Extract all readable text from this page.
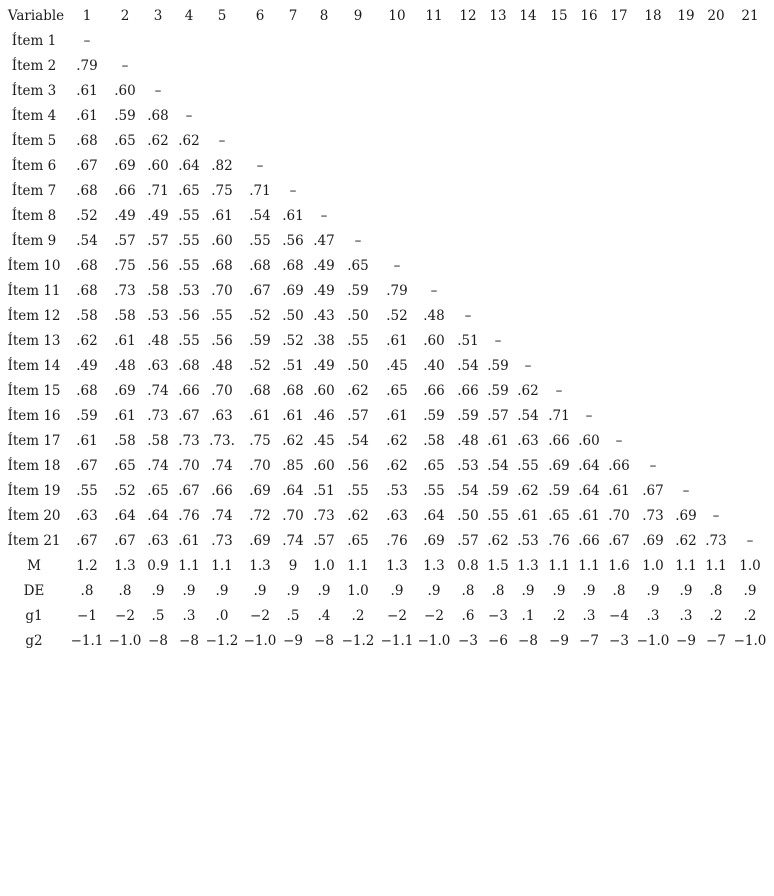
Variable 1 2 3 4 5 6 7 8 9 10 11 12 13 14 15 16 17 18 19 20 21
Ítem 1 –
Ítem 2 .79 –
Ítem 3 .61 .60 –
Ítem 4 .61 .59 .68 –
Ítem 5 .68 .65 .62 .62 –
Ítem 6 .67 .69 .60 .64 .82 –
Ítem 7 .68 .66 .71 .65 .75 .71 –
Ítem 8 .52 .49 .49 .55 .61 .54 .61 –
Ítem 9 .54 .57 .57 .55 .60 .55 .56 .47 –
Ítem 10 .68 .75 .56 .55 .68 .68 .68 .49 .65 –
Ítem 11 .68 .73 .58 .53 .70 .67 .69 .49 .59 .79 –
Ítem 12 .58 .58 .53 .56 .55 .52 .50 .43 .50 .52 .48 –
Ítem 13 .62 .61 .48 .55 .56 .59 .52 .38 .55 .61 .60 .51 –
Ítem 14 .49 .48 .63 .68 .48 .52 .51 .49 .50 .45 .40 .54 .59 –
Ítem 15 .68 .69 .74 .66 .70 .68 .68 .60 .62 .65 .66 .66 .59 .62 –
Ítem 16 .59 .61 .73 .67 .63 .61 .61 .46 .57 .61 .59 .59 .57 .54 .71 –
Ítem 17 .61 .58 .58 .73 .73. .75 .62 .45 .54 .62 .58 .48 .61 .63 .66 .60 –
Ítem 18 .67 .65 .74 .70 .74 .70 .85 .60 .56 .62 .65 .53 .54 .55 .69 .64 .66 –
Ítem 19 .55 .52 .65 .67 .66 .69 .64 .51 .55 .53 .55 .54 .59 .62 .59 .64 .61 .67 –
Ítem 20 .63 .64 .64 .76 .74 .72 .70 .73 .62 .63 .64 .50 .55 .61 .65 .61 .70 .73 .69 –
Ítem 21 .67 .67 .63 .61 .73 .69 .74 .57 .65 .76 .69 .57 .62 .53 .76 .66 .67 .69 .62 .73 –
M	1.2 1.3 0.9 1.1 1.1 1.3 9 1.0 1.1 1.3 1.3 0.8 1.5 1.3 1.1 1.1 1.6 1.0 1.1 1.1 1.0
DE	.8 .8 .9 .9 .9 .9 .9 .9 1.0 .9 .9 .8 .8 .9 .9 .9 .8 .9 .9 .8 .9
g1	−1 −2 .5 .3 .0 −2 .5 .4 .2 −2 −2 .6 −3 .1 .2 .3 −4 .3 .3 .2 .2
g2 −1.1 −1.0 −8 −8 −1.2 −1.0 −9 −8 −1.2 −1.1 −1.0 −3 −6 −8 −9 −7 −3 −1.0 −9 −7 −1.0
